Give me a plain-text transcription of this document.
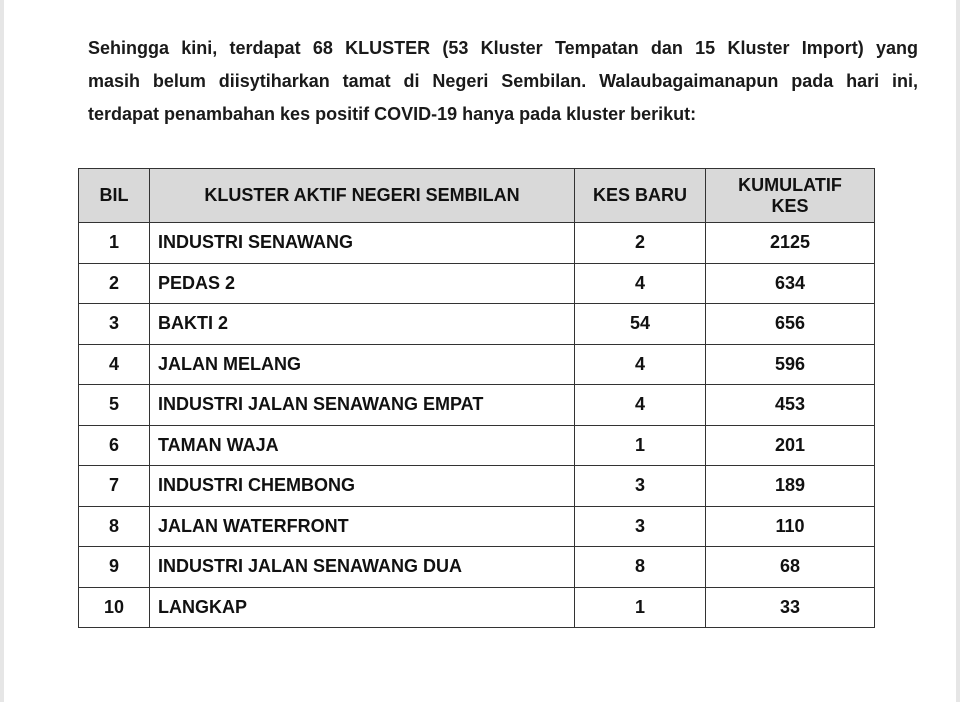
Sehingga kini, terdapat 68 KLUSTER (53 Kluster Tempatan dan 15 Kluster Import) yang
masih belum diisytiharkan tamat di Negeri Sembilan. Walaubagaimanapun pada hari ini,
terdapat penambahan kes positif COVID-19 hanya pada kluster berikut:
BIL	KLUSTER AKTIF NEGERI SEMBILAN	KES BARU	KUMULATIF
KES

1	INDUSTRI SENAWANG	2	2125
2	PEDAS 2	4	634
3	BAKTI 2	54	656
4	JALAN MELANG	4	596
5	INDUSTRI JALAN SENAWANG EMPAT	4	453
6	TAMAN WAJA	1	201
7	INDUSTRI CHEMBONG	3	189
8	JALAN WATERFRONT	3	110
9	INDUSTRI JALAN SENAWANG DUA	8	68
10	LANGKAP	1	33
